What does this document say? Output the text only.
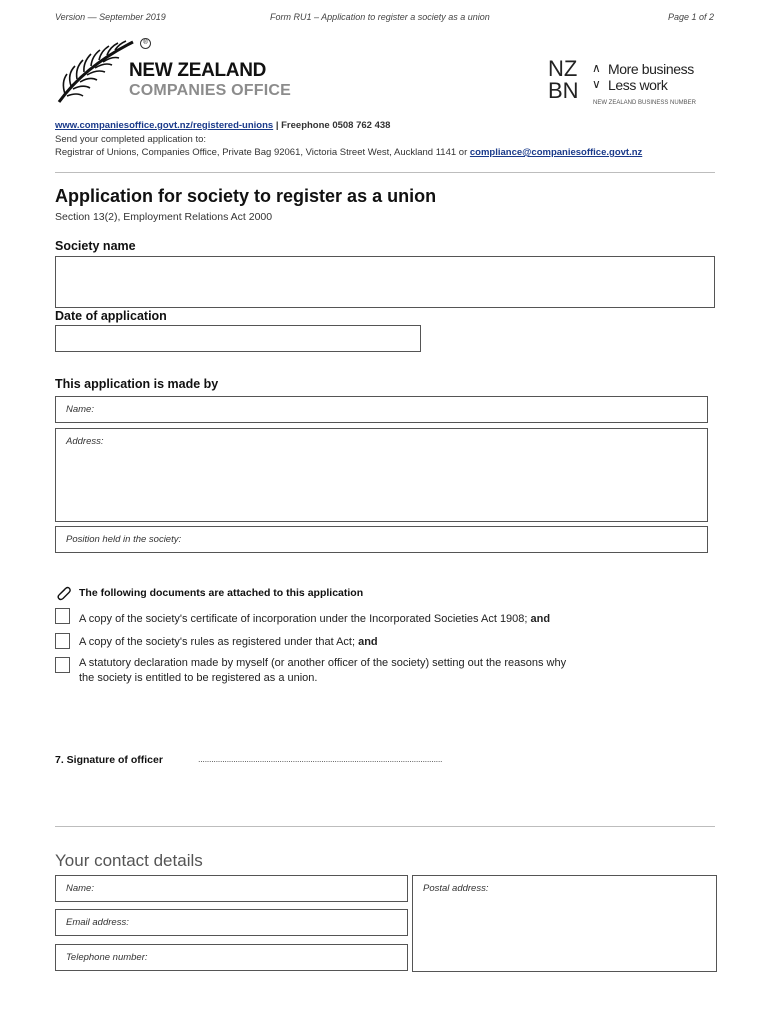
Version — September 2019	Form RU1 – Application to register a society as a union	Page 1 of 2
®
NEW ZEALAND
COMPANIES OFFICE
NZ
BN
∧
∨
More business
Less work
NEW ZEALAND BUSINESS NUMBER
www.companiesoffice.govt.nz/registered-unions | Freephone 0508 762 438
Send your completed application to:
Registrar of Unions, Companies Office, Private Bag 92061, Victoria Street West, Auckland 1141 or compliance@companiesoffice.govt.nz
Application for society to register as a union
Section 13(2), Employment Relations Act 2000
Society name
Date of application
This application is made by
Name:
Address:
Position held in the society:
The following documents are attached to this application
A copy of the society's certificate of incorporation under the Incorporated Societies Act 1908; and
A copy of the society's rules as registered under that Act; and
A statutory declaration made by myself (or another officer of the society) setting out the reasons why
the society is entitled to be registered as a union.
7. Signature of officer	...............................................................................................................
Your contact details
Name:
Email address:
Telephone number:
Postal address:
